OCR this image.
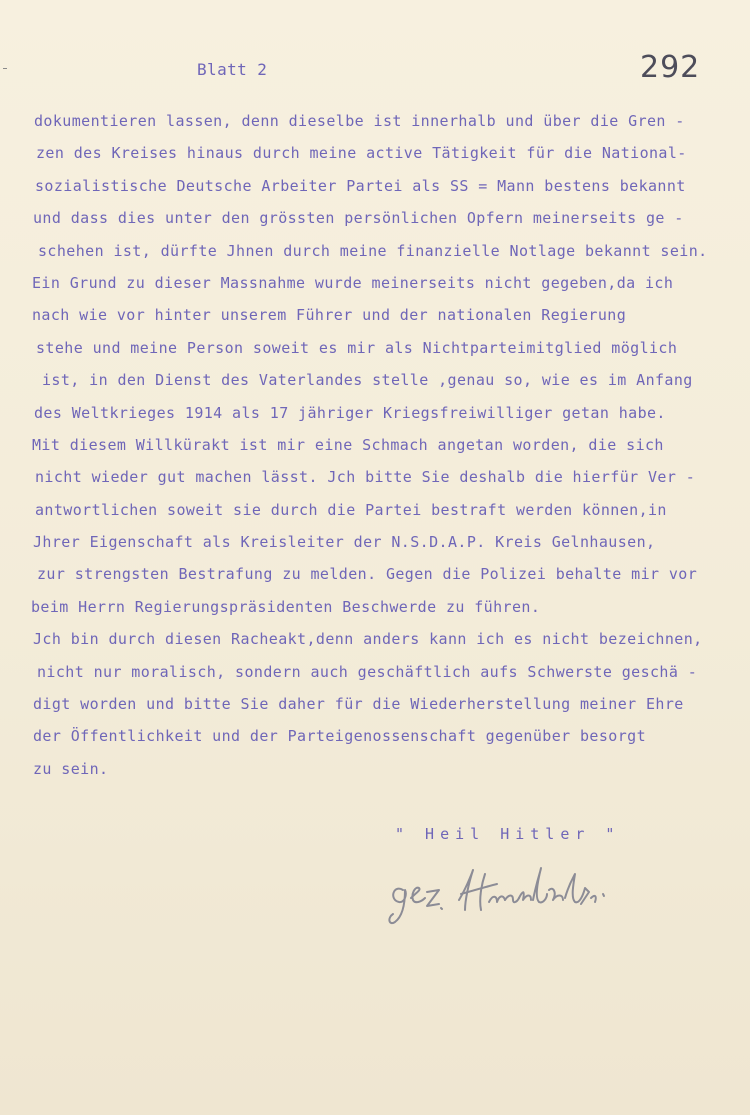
Blatt 2	292
dokumentieren lassen, denn dieselbe ist innerhalb und über die Gren -
zen des Kreises hinaus durch meine active Tätigkeit für die National-
sozialistische Deutsche Arbeiter Partei als SS = Mann bestens bekannt
und dass dies unter den grössten persönlichen Opfern meinerseits ge -
schehen ist, dürfte Jhnen durch meine finanzielle Notlage bekannt sein.
Ein Grund zu dieser Massnahme wurde meinerseits nicht gegeben,da ich
nach wie vor hinter unserem Führer und der nationalen Regierung
stehe und meine Person soweit es mir als Nichtparteimitglied möglich
ist, in den Dienst des Vaterlandes stelle ,genau so, wie es im Anfang
des Weltkrieges 1914 als 17 jähriger Kriegsfreiwilliger getan habe.
Mit diesem Willkürakt ist mir eine Schmach angetan worden, die sich
nicht wieder gut machen lässt. Jch bitte Sie deshalb die hierfür Ver -
antwortlichen soweit sie durch die Partei bestraft werden können,in
Jhrer Eigenschaft als Kreisleiter der N.S.D.A.P. Kreis Gelnhausen,
zur strengsten Bestrafung zu melden. Gegen die Polizei behalte mir vor
beim Herrn Regierungspräsidenten Beschwerde zu führen.
Jch bin durch diesen Racheakt,denn anders kann ich es nicht bezeichnen,
nicht nur moralisch, sondern auch geschäftlich aufs Schwerste geschä -
digt worden und bitte Sie daher für die Wiederherstellung meiner Ehre
der Öffentlichkeit und der Parteigenossenschaft gegenüber besorgt
zu sein.
" Heil Hitler "
